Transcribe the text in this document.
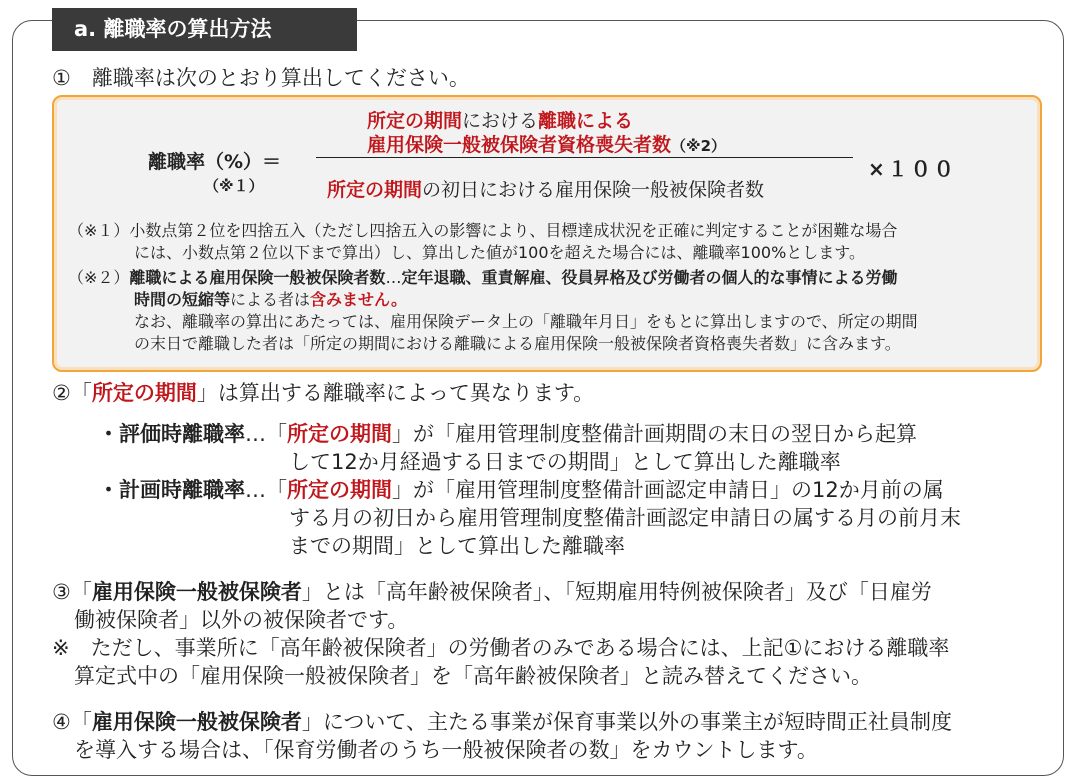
a. 離職率の算出方法
①　離職率は次のとおり算出してください。
所定の期間における離職による
雇用保険一般被保険者資格喪失者数（※2）
離職率（%）＝
（※１）	所定の期間の初日における雇用保険一般被保険者数
×１００
（※１）小数点第２位を四捨五入（ただし四捨五入の影響により、目標達成状況を正確に判定することが困難な場合
には、小数点第２位以下まで算出）し、算出した値が100を超えた場合には、離職率100%とします。
（※２）離職による雇用保険一般被保険者数…定年退職、重責解雇、役員昇格及び労働者の個人的な事情による労働
時間の短縮等による者は含みません。
なお、離職率の算出にあたっては、雇用保険データ上の「離職年月日」をもとに算出しますので、所定の期間
の末日で離職した者は「所定の期間における離職による雇用保険一般被保険者資格喪失者数」に含みます。
②「所定の期間」は算出する離職率によって異なります。
・評価時離職率…「所定の期間」が「雇用管理制度整備計画期間の末日の翌日から起算
して12か月経過する日までの期間」として算出した離職率
・計画時離職率…「所定の期間」が「雇用管理制度整備計画認定申請日」の12か月前の属
する月の初日から雇用管理制度整備計画認定申請日の属する月の前月末
までの期間」として算出した離職率
③「雇用保険一般被保険者」とは「高年齢被保険者」、「短期雇用特例被保険者」及び「日雇労
働被保険者」以外の被保険者です。
※　ただし、事業所に「高年齢被保険者」の労働者のみである場合には、上記①における離職率
算定式中の「雇用保険一般被保険者」を「高年齢被保険者」と読み替えてください。
④「雇用保険一般被保険者」について、主たる事業が保育事業以外の事業主が短時間正社員制度
を導入する場合は、「保育労働者のうち一般被保険者の数」をカウントします。
